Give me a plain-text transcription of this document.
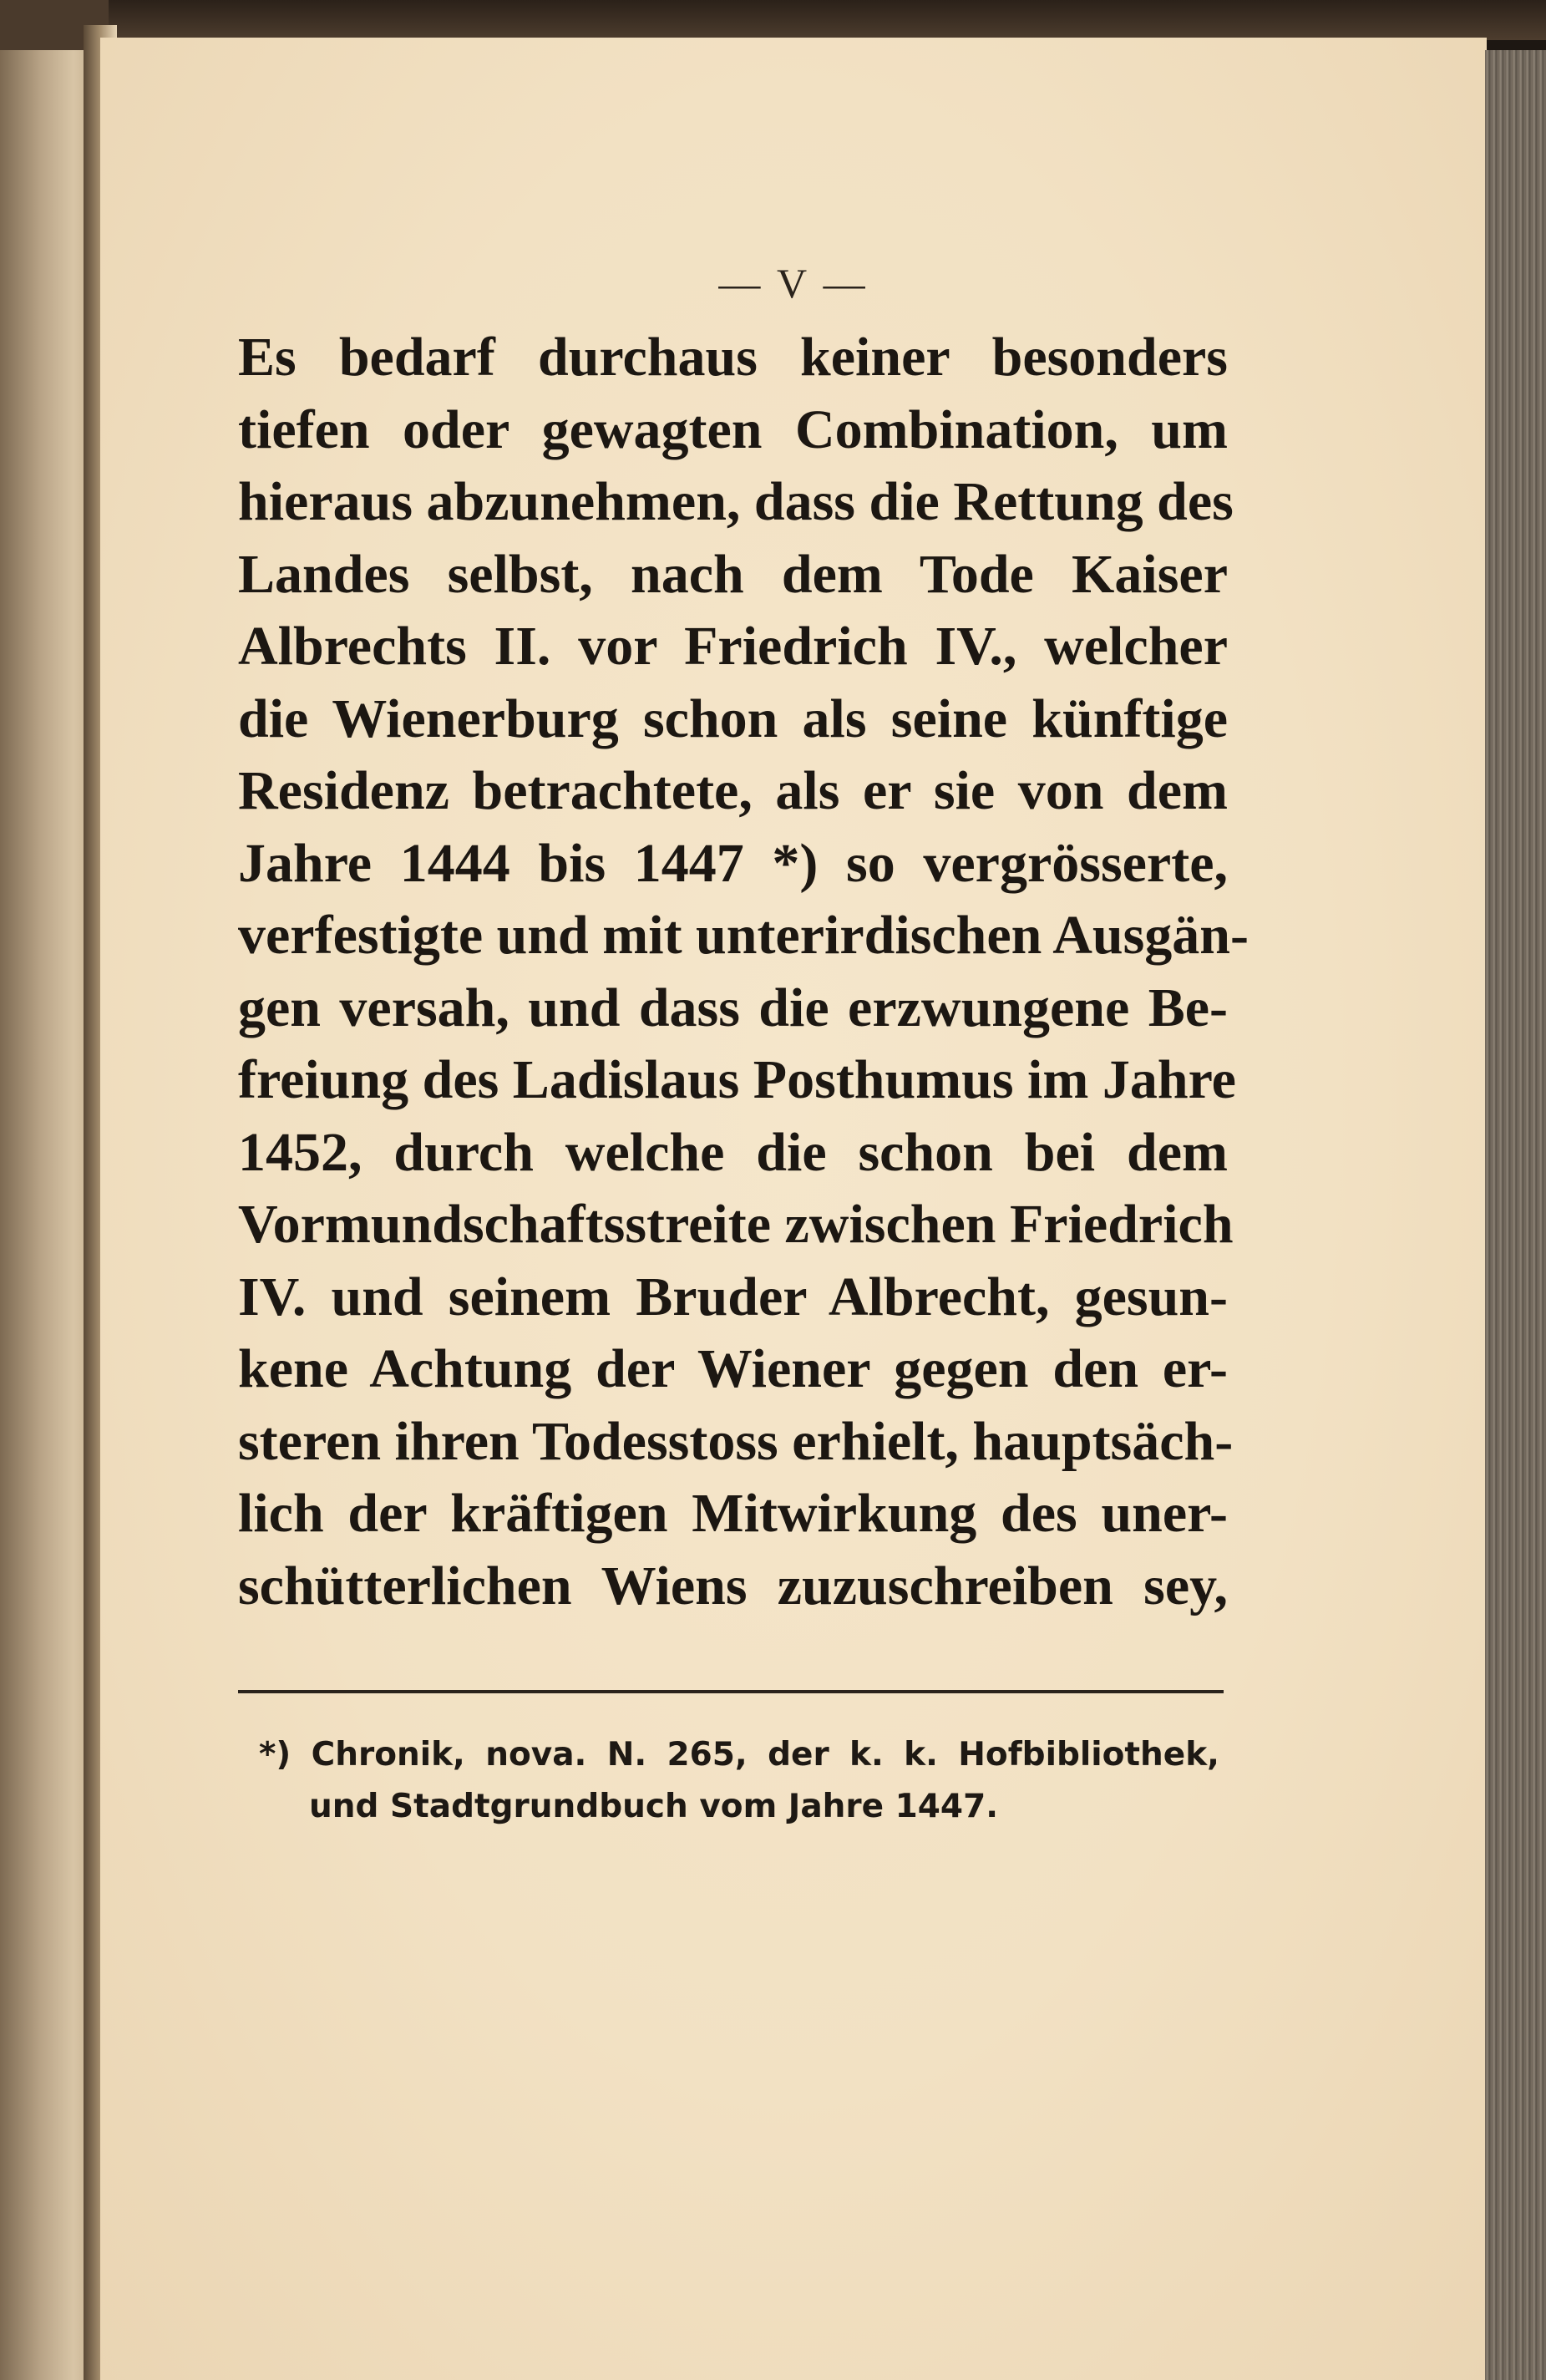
— V —
Es bedarf durchaus keiner besonders
tiefen oder gewagten Combination, um
hieraus abzunehmen, dass die Rettung des
Landes selbst, nach dem Tode Kaiser
Albrechts II. vor Friedrich IV., welcher
die Wienerburg schon als seine künftige
Residenz betrachtete, als er sie von dem
Jahre 1444 bis 1447 *) so vergrösserte,
verfestigte und mit unterirdischen Ausgän-
gen versah, und dass die erzwungene Be-
freiung des Ladislaus Posthumus im Jahre
1452, durch welche die schon bei dem
Vormundschaftsstreite zwischen Friedrich
IV. und seinem Bruder Albrecht, gesun-
kene Achtung der Wiener gegen den er-
steren ihren Todesstoss erhielt, hauptsäch-
lich der kräftigen Mitwirkung des uner-
schütterlichen Wiens zuzuschreiben sey,
*) Chronik, nova. N. 265, der k. k. Hofbibliothek,
und Stadtgrundbuch vom Jahre 1447.
